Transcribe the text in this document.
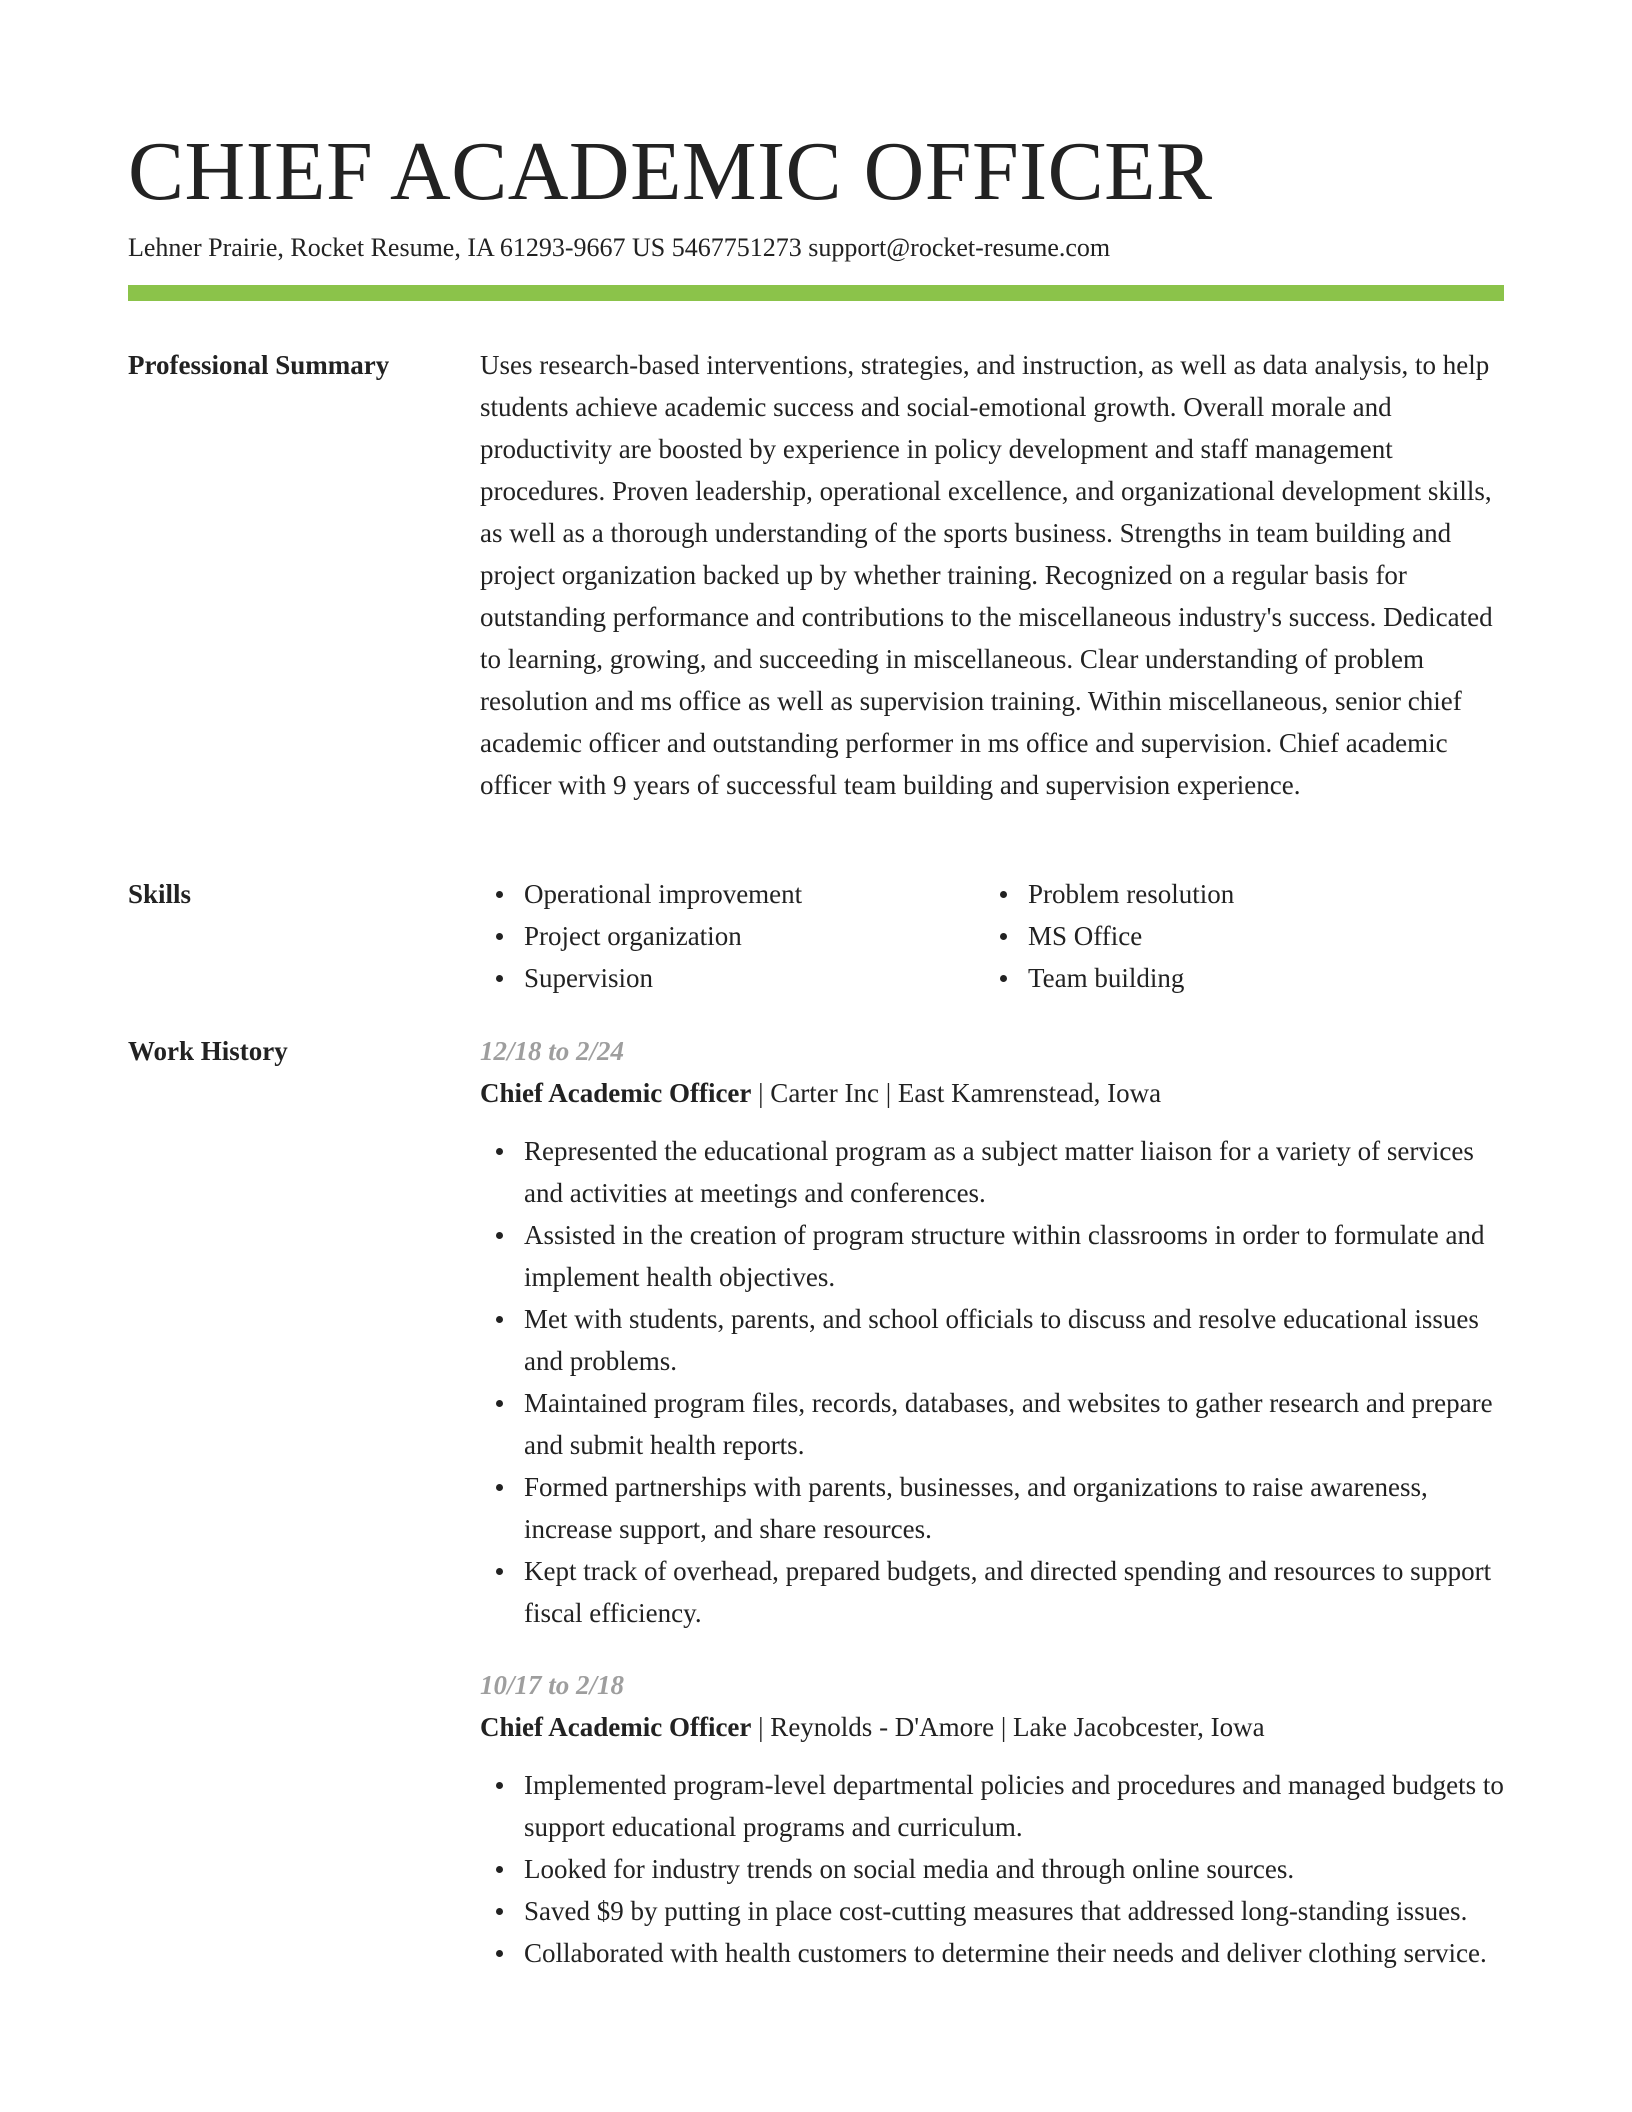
CHIEF ACADEMIC OFFICER
Lehner Prairie, Rocket Resume, IA 61293-9667 US 5467751273 support@rocket-resume.com
Professional Summary	Uses research-based interventions, strategies, and instruction, as well as data analysis, to help students achieve academic success and social-emotional growth. Overall morale and productivity are boosted by experience in policy development and staff management procedures. Proven leadership, operational excellence, and organizational development skills, as well as a thorough understanding of the sports business. Strengths in team building and project organization backed up by whether training. Recognized on a regular basis for outstanding performance and contributions to the miscellaneous industry's success. Dedicated to learning, growing, and succeeding in miscellaneous. Clear understanding of problem resolution and ms office as well as supervision training. Within miscellaneous, senior chief academic officer and outstanding performer in ms office and supervision. Chief academic officer with 9 years of successful team building and supervision experience.

Skills	Operational improvement
Project organization
Supervision
Problem resolution
MS Office
Team building
Work History	12/18 to 2/24
Chief Academic Officer | Carter Inc | East Kamrenstead, Iowa
Represented the educational program as a subject matter liaison for a variety of services and activities at meetings and conferences.
Assisted in the creation of program structure within classrooms in order to formulate and implement health objectives.
Met with students, parents, and school officials to discuss and resolve educational issues and problems.
Maintained program files, records, databases, and websites to gather research and prepare and submit health reports.
Formed partnerships with parents, businesses, and organizations to raise awareness, increase support, and share resources.
Kept track of overhead, prepared budgets, and directed spending and resources to support fiscal efficiency.
10/17 to 2/18
Chief Academic Officer | Reynolds - D'Amore | Lake Jacobcester, Iowa
Implemented program-level departmental policies and procedures and managed budgets to support educational programs and curriculum.
Looked for industry trends on social media and through online sources.
Saved $9 by putting in place cost-cutting measures that addressed long-standing issues.
Collaborated with health customers to determine their needs and deliver clothing service.
